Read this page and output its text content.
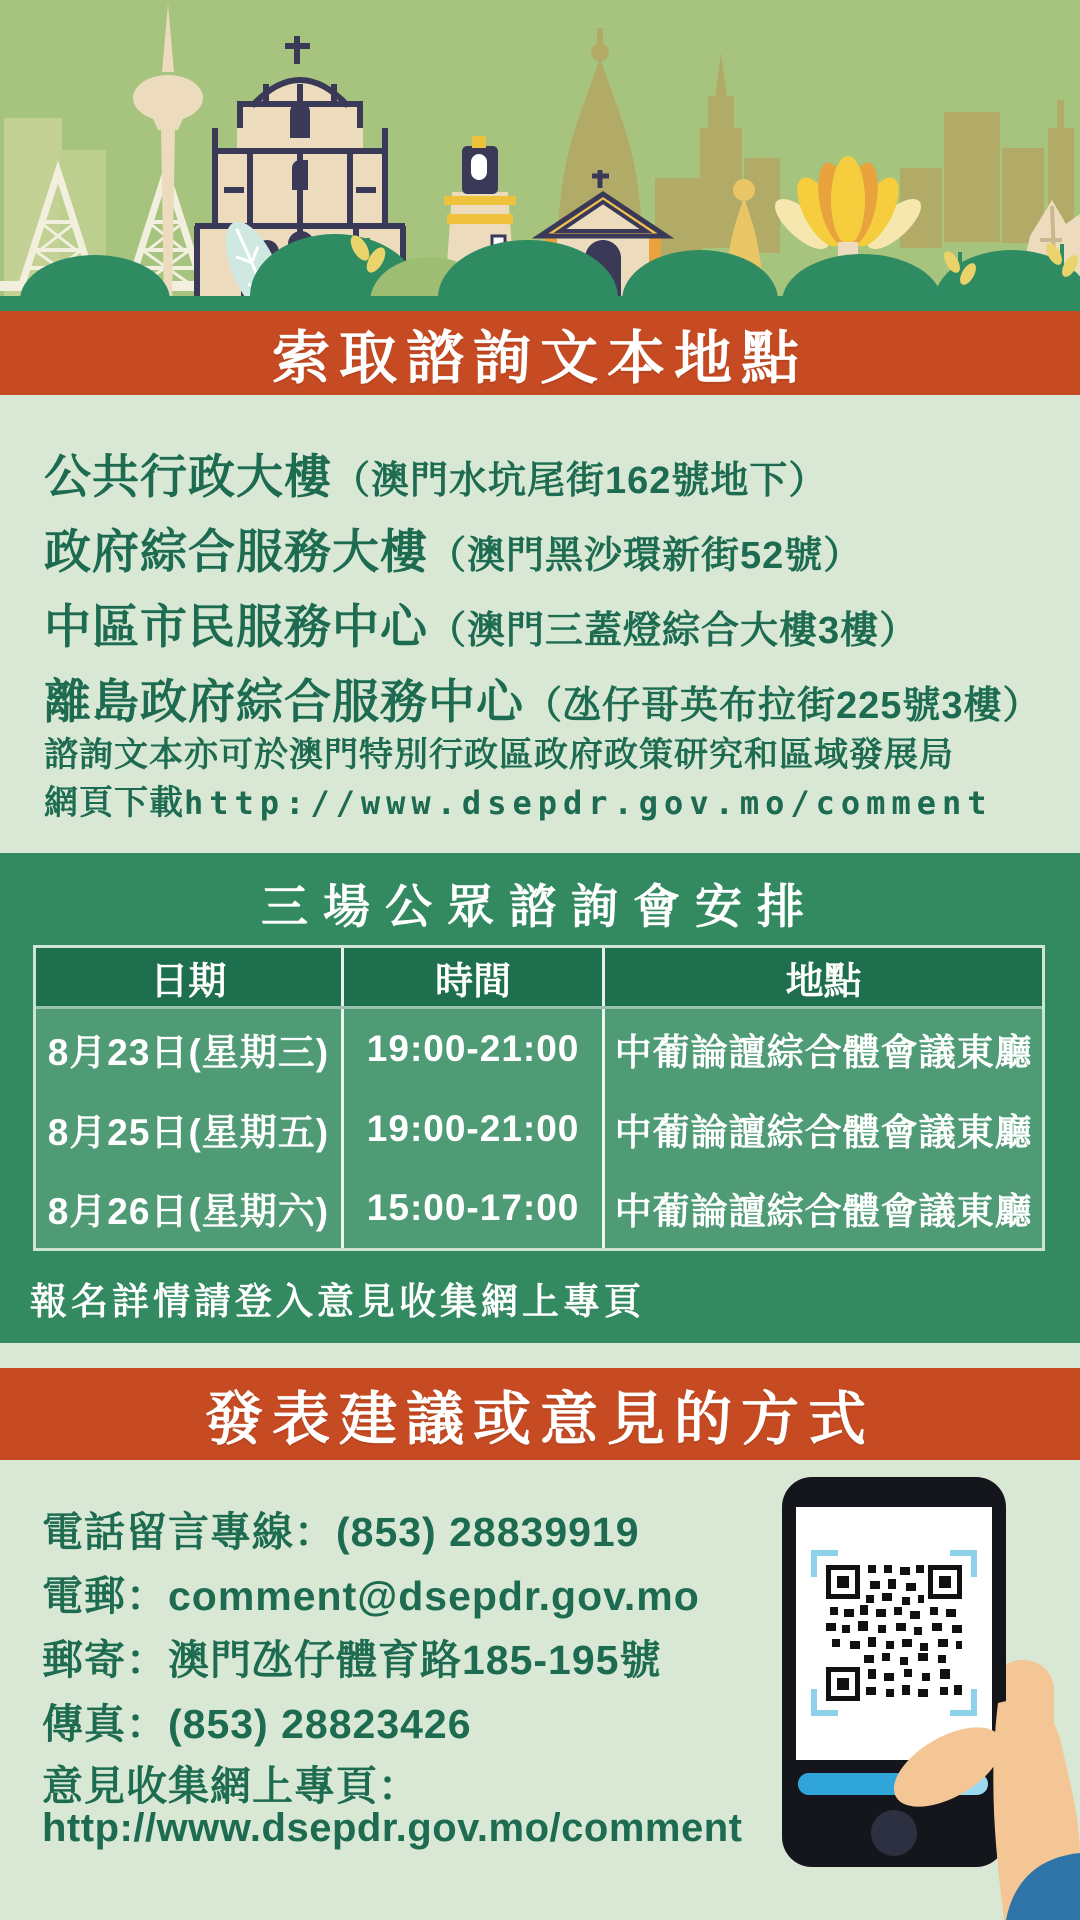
索取諮詢文本地點
公共行政大樓 （澳門水坑尾街162號地下）
政府綜合服務大樓 （澳門黑沙環新街52號）
中區市民服務中心 （澳門三蓋燈綜合大樓3樓）
離島政府綜合服務中心 （氹仔哥英布拉街225號3樓）
諮詢文本亦可於澳門特別行政區政府政策研究和區域發展局
網頁下載http://www.dsepdr.gov.mo/comment
三場公眾諮詢會安排
日期	時間	地點
8月23日(星期三)	19:00-21:00 中葡論譠綜合體會議東廳
8月25日(星期五)	19:00-21:00 中葡論譠綜合體會議東廳
8月26日(星期六)	15:00-17:00 中葡論譠綜合體會議東廳
報名詳情請登入意見收集網上專頁
發表建議或意見的方式
電話留言專線： (853) 28839919
電郵： comment@dsepdr.gov.mo
郵寄： 澳門氹仔體育路185-195號
傳真： (853) 28823426
意見收集網上專頁：
http://www.dsepdr.gov.mo/comment
